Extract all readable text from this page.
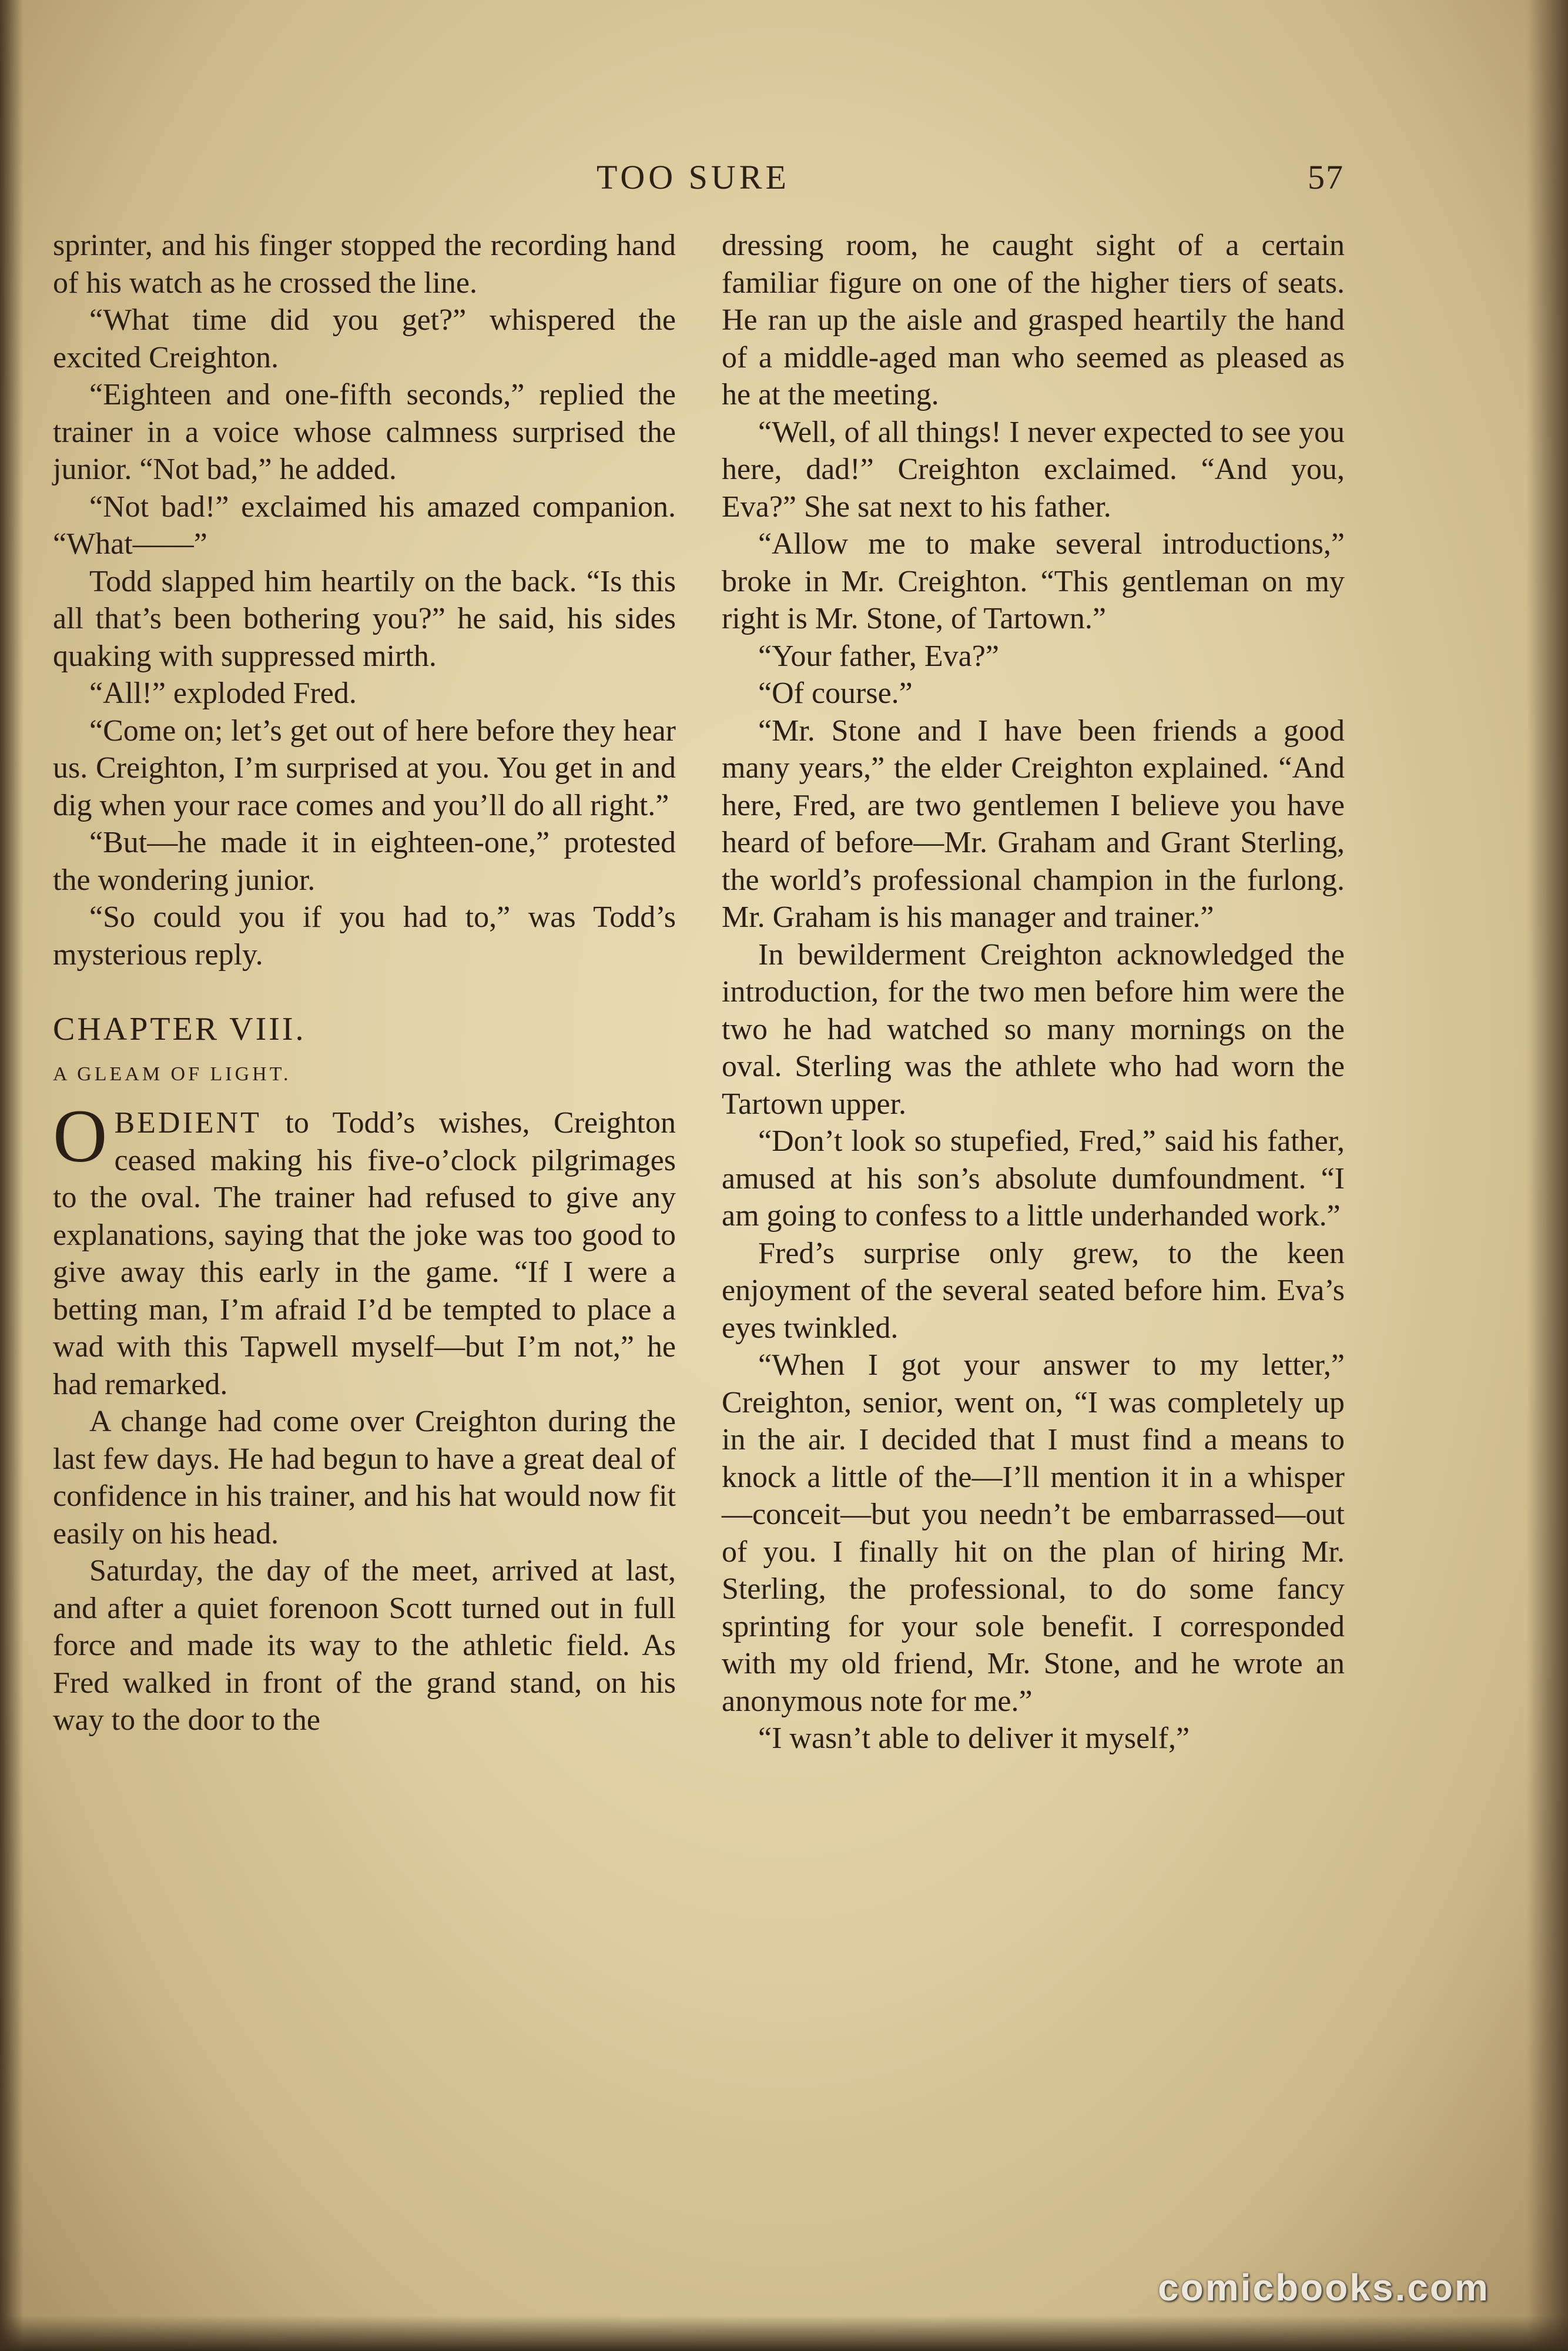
TOO SURE	57

sprinter, and his finger stopped the recording hand of his watch as he crossed the line.

“What time did you get?” whispered the excited Creighton.

“Eighteen and one-fifth seconds,” replied the trainer in a voice whose calmness surprised the junior. “Not bad,” he added.

“Not bad!” exclaimed his amazed companion. “What——”

Todd slapped him heartily on the back. “Is this all that’s been bothering you?” he said, his sides quaking with suppressed mirth.

“All!” exploded Fred.

“Come on; let’s get out of here before they hear us. Creighton, I’m surprised at you. You get in and dig when your race comes and you’ll do all right.”

“But—he made it in eighteen-one,” protested the wondering junior.

“So could you if you had to,” was Todd’s mysterious reply.

CHAPTER VIII.

A GLEAM OF LIGHT.

OBEDIENT to Todd’s wishes, Creighton ceased making his five-o’clock pilgrimages to the oval. The trainer had refused to give any explanations, saying that the joke was too good to give away this early in the game. “If I were a betting man, I’m afraid I’d be tempted to place a wad with this Tapwell myself—but I’m not,” he had remarked.

A change had come over Creighton during the last few days. He had begun to have a great deal of confidence in his trainer, and his hat would now fit easily on his head.

Saturday, the day of the meet, arrived at last, and after a quiet forenoon Scott turned out in full force and made its way to the athletic field. As Fred walked in front of the grand stand, on his way to the door to the

dressing room, he caught sight of a certain familiar figure on one of the higher tiers of seats. He ran up the aisle and grasped heartily the hand of a middle-aged man who seemed as pleased as he at the meeting.

“Well, of all things! I never expected to see you here, dad!” Creighton exclaimed. “And you, Eva?” She sat next to his father.

“Allow me to make several introductions,” broke in Mr. Creighton. “This gentleman on my right is Mr. Stone, of Tartown.”

“Your father, Eva?”

“Of course.”

“Mr. Stone and I have been friends a good many years,” the elder Creighton explained. “And here, Fred, are two gentlemen I believe you have heard of before—Mr. Graham and Grant Sterling, the world’s professional champion in the furlong. Mr. Graham is his manager and trainer.”

In bewilderment Creighton acknowledged the introduction, for the two men before him were the two he had watched so many mornings on the oval. Sterling was the athlete who had worn the Tartown upper.

“Don’t look so stupefied, Fred,” said his father, amused at his son’s absolute dumfoundment. “I am going to confess to a little underhanded work.”

Fred’s surprise only grew, to the keen enjoyment of the several seated before him. Eva’s eyes twinkled.

“When I got your answer to my letter,” Creighton, senior, went on, “I was completely up in the air. I decided that I must find a means to knock a little of the—I’ll mention it in a whisper—conceit—but you needn’t be embarrassed—out of you. I finally hit on the plan of hiring Mr. Sterling, the professional, to do some fancy sprinting for your sole benefit. I corresponded with my old friend, Mr. Stone, and he wrote an anonymous note for me.”

“I wasn’t able to deliver it myself,”

comicbooks.com
